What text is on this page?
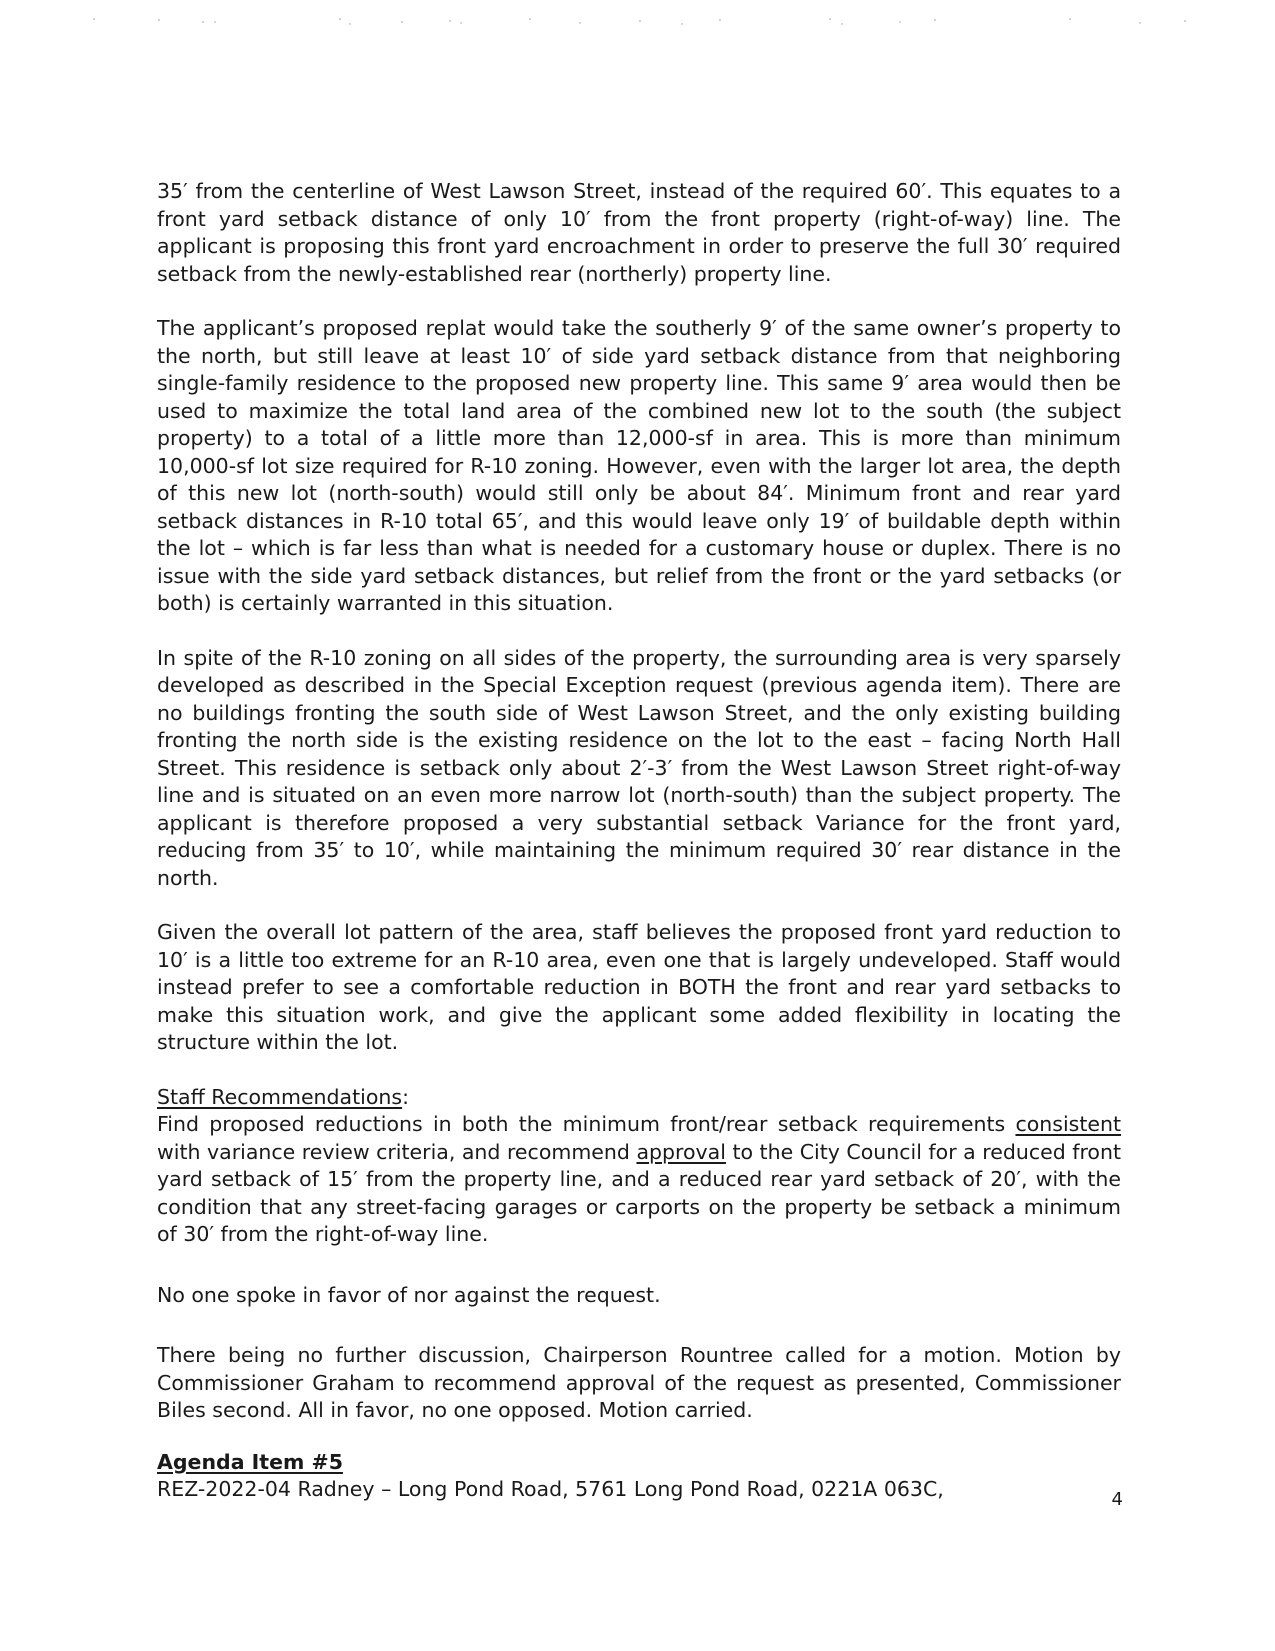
35′ from the centerline of West Lawson Street, instead of the required 60′. This equates to a front yard setback distance of only 10′ from the front property (right-of-way) line. The applicant is proposing this front yard encroachment in order to preserve the full 30′ required setback from the newly-established rear (northerly) property line.

The applicant’s proposed replat would take the southerly 9′ of the same owner’s property to the north, but still leave at least 10′ of side yard setback distance from that neighboring single-family residence to the proposed new property line. This same 9′ area would then be used to maximize the total land area of the combined new lot to the south (the subject property) to a total of a little more than 12,000-sf in area. This is more than minimum 10,000-sf lot size required for R-10 zoning. However, even with the larger lot area, the depth of this new lot (north-south) would still only be about 84′. Minimum front and rear yard setback distances in R-10 total 65′, and this would leave only 19′ of buildable depth within the lot – which is far less than what is needed for a customary house or duplex. There is no issue with the side yard setback distances, but relief from the front or the yard setbacks (or both) is certainly warranted in this situation.

In spite of the R-10 zoning on all sides of the property, the surrounding area is very sparsely developed as described in the Special Exception request (previous agenda item). There are no buildings fronting the south side of West Lawson Street, and the only existing building fronting the north side is the existing residence on the lot to the east – facing North Hall Street. This residence is setback only about 2′-3′ from the West Lawson Street right-of-way line and is situated on an even more narrow lot (north-south) than the subject property. The applicant is therefore proposed a very substantial setback Variance for the front yard, reducing from 35′ to 10′, while maintaining the minimum required 30′ rear distance in the north.

Given the overall lot pattern of the area, staff believes the proposed front yard reduction to 10′ is a little too extreme for an R-10 area, even one that is largely undeveloped. Staff would instead prefer to see a comfortable reduction in BOTH the front and rear yard setbacks to make this situation work, and give the applicant some added flexibility in locating the structure within the lot.

Staff Recommendations:

Find proposed reductions in both the minimum front/rear setback requirements consistent with variance review criteria, and recommend approval to the City Council for a reduced front yard setback of 15′ from the property line, and a reduced rear yard setback of 20′, with the condition that any street-facing garages or carports on the property be setback a minimum of 30′ from the right-of-way line.

No one spoke in favor of nor against the request.

There being no further discussion, Chairperson Rountree called for a motion. Motion by Commissioner Graham to recommend approval of the request as presented, Commissioner Biles second. All in favor, no one opposed. Motion carried.

Agenda Item #5
REZ-2022-04 Radney – Long Pond Road, 5761 Long Pond Road, 0221A 063C,	4
